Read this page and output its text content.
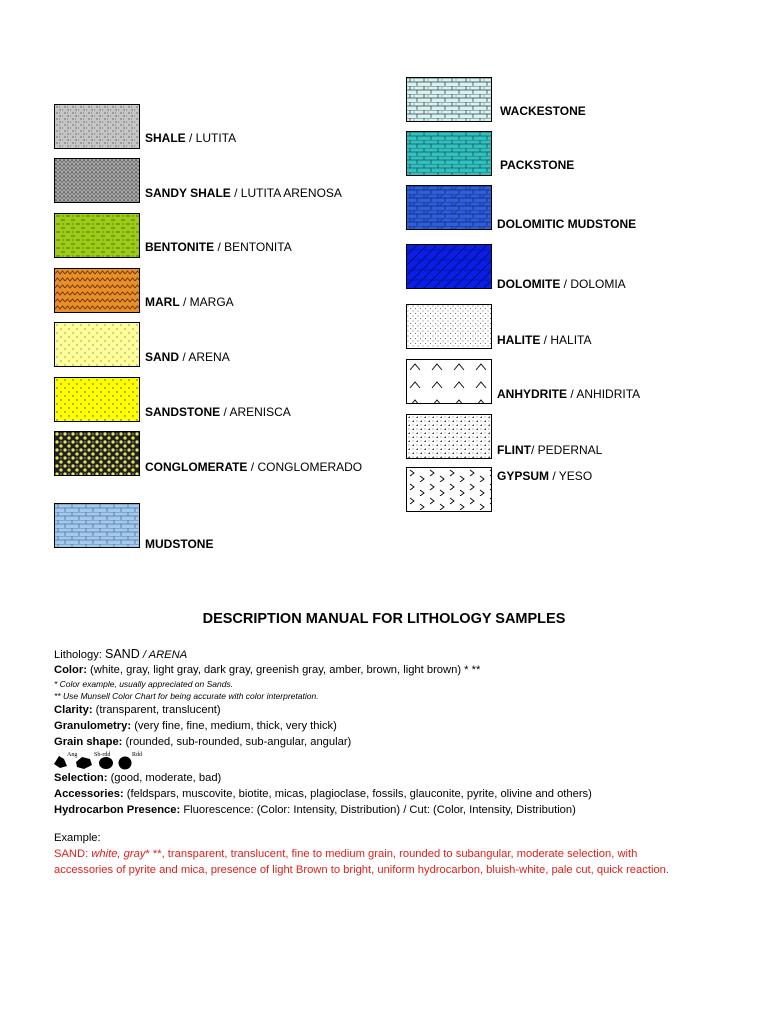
SHALE / LUTITA
SANDY SHALE / LUTITA ARENOSA
BENTONITE / BENTONITA
MARL / MARGA
SAND / ARENA
SANDSTONE / ARENISCA
CONGLOMERATE / CONGLOMERADO
MUDSTONE
WACKESTONE
PACKSTONE
DOLOMITIC MUDSTONE
DOLOMITE / DOLOMIA
HALITE / HALITA
ANHYDRITE / ANHIDRITA
FLINT/ PEDERNAL
GYPSUM / YESO
DESCRIPTION MANUAL FOR LITHOLOGY SAMPLES
Lithology: SAND / ARENA
Color: (white, gray, light gray, dark gray, greenish gray, amber, brown, light brown) * **
* Color example, usually appreciated on Sands.
** Use Munsell Color Chart for being accurate with color interpretation.
Clarity: (transparent, translucent)
Granulometry: (very fine, fine, medium, thick, very thick)
Grain shape: (rounded, sub-rounded, sub-angular, angular)
Ang	Sb-rdd	Rdd
Selection: (good, moderate, bad)
Accessories: (feldspars, muscovite, biotite, micas, plagioclase, fossils, glauconite, pyrite, olivine and others)
Hydrocarbon Presence: Fluorescence: (Color: Intensity, Distribution) / Cut: (Color, Intensity, Distribution)
Example:
SAND: white, gray* **, transparent, translucent, fine to medium grain, rounded to subangular, moderate selection, with
accessories of pyrite and mica, presence of light Brown to bright, uniform hydrocarbon, bluish-white, pale cut, quick reaction.
